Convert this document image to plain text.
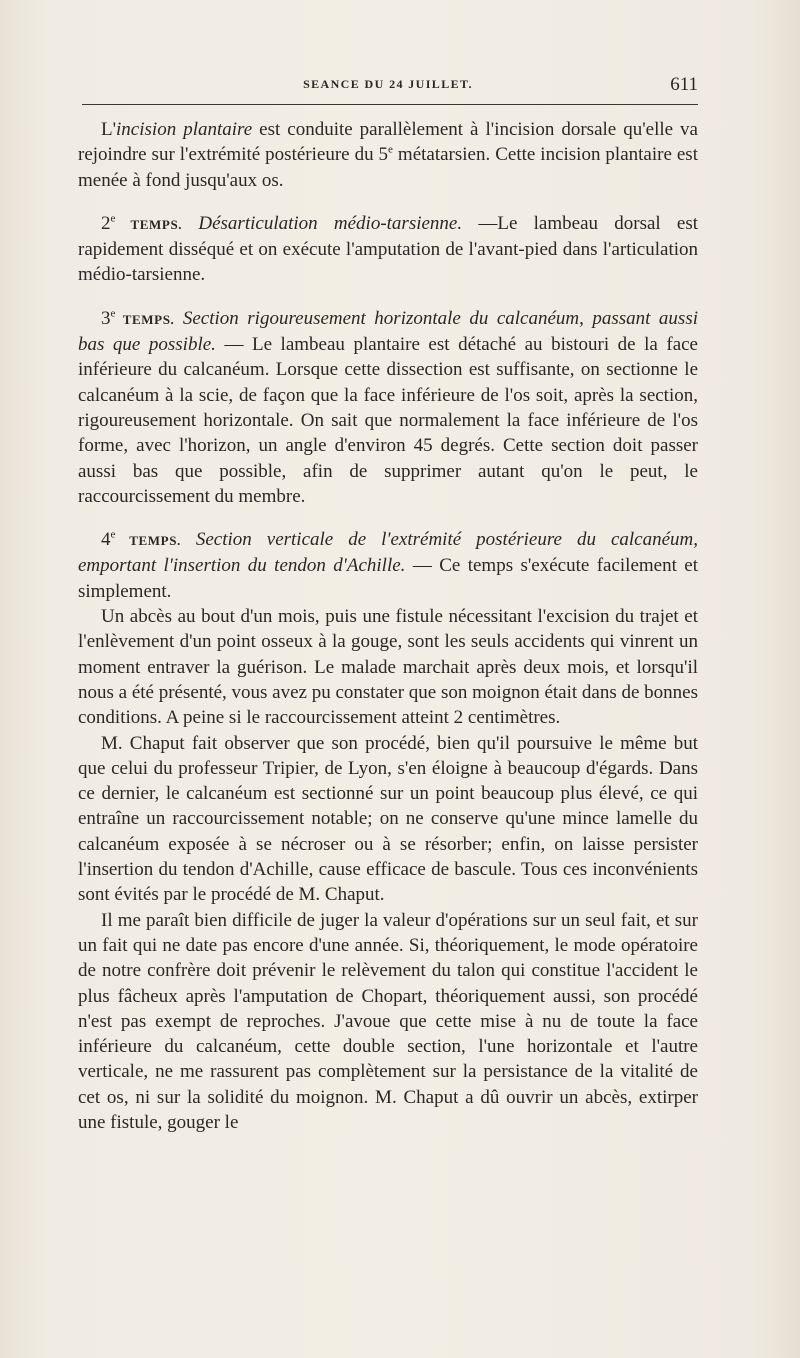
SEANCE DU 24 JUILLET.	611

L'incision plantaire est conduite parallèlement à l'incision dorsale qu'elle va rejoindre sur l'extrémité postérieure du 5e métatarsien. Cette incision plantaire est menée à fond jusqu'aux os.

2e TEMPS. Désarticulation médio-tarsienne. —Le lambeau dorsal est rapidement disséqué et on exécute l'amputation de l'avant-pied dans l'articulation médio-tarsienne.

3e TEMPS. Section rigoureusement horizontale du calcanéum, passant aussi bas que possible. — Le lambeau plantaire est détaché au bistouri de la face inférieure du calcanéum. Lorsque cette dissection est suffisante, on sectionne le calcanéum à la scie, de façon que la face inférieure de l'os soit, après la section, rigoureusement horizontale. On sait que normalement la face inférieure de l'os forme, avec l'horizon, un angle d'environ 45 degrés. Cette section doit passer aussi bas que possible, afin de supprimer autant qu'on le peut, le raccourcissement du membre.

4e TEMPS. Section verticale de l'extrémité postérieure du calcanéum, emportant l'insertion du tendon d'Achille. — Ce temps s'exécute facilement et simplement.

Un abcès au bout d'un mois, puis une fistule nécessitant l'excision du trajet et l'enlèvement d'un point osseux à la gouge, sont les seuls accidents qui vinrent un moment entraver la guérison. Le malade marchait après deux mois, et lorsqu'il nous a été présenté, vous avez pu constater que son moignon était dans de bonnes conditions. A peine si le raccourcissement atteint 2 centimètres.

M. Chaput fait observer que son procédé, bien qu'il poursuive le même but que celui du professeur Tripier, de Lyon, s'en éloigne à beaucoup d'égards. Dans ce dernier, le calcanéum est sectionné sur un point beaucoup plus élevé, ce qui entraîne un raccourcissement notable; on ne conserve qu'une mince lamelle du calcanéum exposée à se nécroser ou à se résorber; enfin, on laisse persister l'insertion du tendon d'Achille, cause efficace de bascule. Tous ces inconvénients sont évités par le procédé de M. Chaput.

Il me paraît bien difficile de juger la valeur d'opérations sur un seul fait, et sur un fait qui ne date pas encore d'une année. Si, théoriquement, le mode opératoire de notre confrère doit prévenir le relèvement du talon qui constitue l'accident le plus fâcheux après l'amputation de Chopart, théoriquement aussi, son procédé n'est pas exempt de reproches. J'avoue que cette mise à nu de toute la face inférieure du calcanéum, cette double section, l'une horizontale et l'autre verticale, ne me rassurent pas complètement sur la persistance de la vitalité de cet os, ni sur la solidité du moignon. M. Chaput a dû ouvrir un abcès, extirper une fistule, gouger le
